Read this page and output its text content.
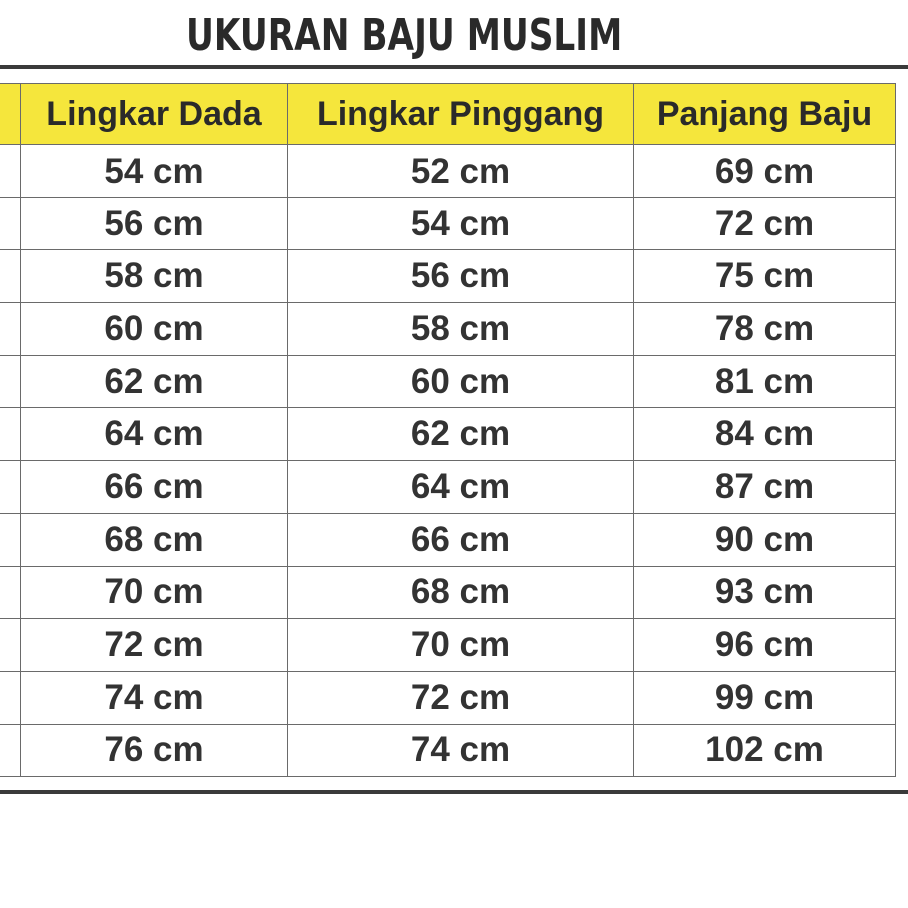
UKURAN BAJU MUSLIM
	Lingkar Dada	Lingkar Pinggang	Panjang Baju
	54 cm	52 cm	69 cm
	56 cm	54 cm	72 cm
	58 cm	56 cm	75 cm
	60 cm	58 cm	78 cm
	62 cm	60 cm	81 cm
	64 cm	62 cm	84 cm
	66 cm	64 cm	87 cm
	68 cm	66 cm	90 cm
	70 cm	68 cm	93 cm
	72 cm	70 cm	96 cm
	74 cm	72 cm	99 cm
	76 cm	74 cm	102 cm
